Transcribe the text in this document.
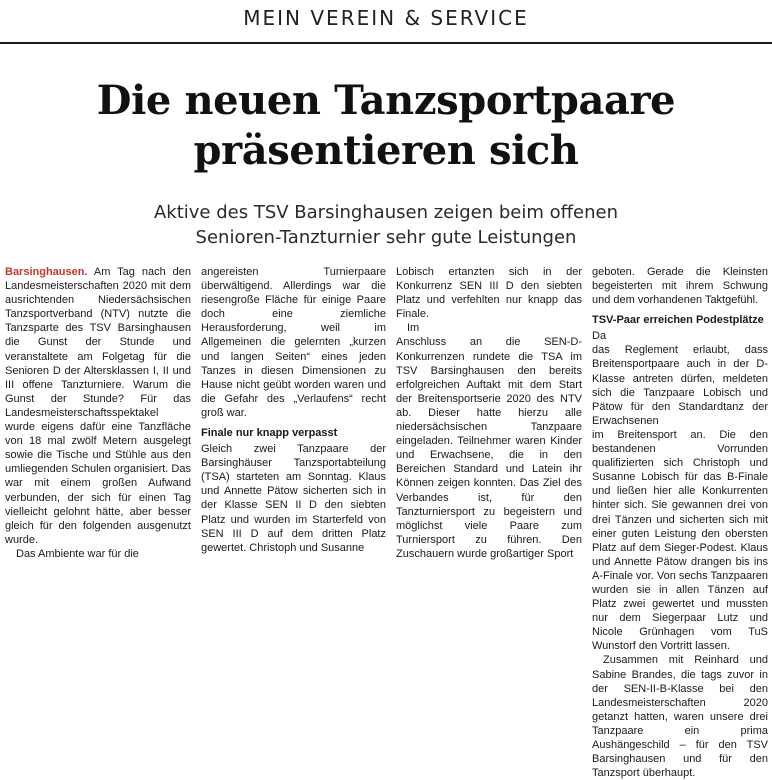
MEIN VEREIN & SERVICE
Die neuen Tanzsportpaare
präsentieren sich
Aktive des TSV Barsinghausen zeigen beim offenen
Senioren-Tanzturnier sehr gute Leistungen

Barsinghausen. Am Tag nach den Landesmeisterschaften 2020 mit dem ausrichtenden Niedersächsischen Tanzsportverband (NTV) nutzte die Tanzsparte des TSV Barsinghausen die Gunst der Stunde und veranstaltete am Folgetag für die Senioren D der Altersklassen I, II und III offene Tanzturniere. Warum die Gunst der Stunde? Für das Landesmeisterschaftsspektakel wurde eigens dafür eine Tanzfläche von 18 mal zwölf Metern ausgelegt sowie die Tische und Stühle aus den umliegenden Schulen organisiert. Das war mit einem großen Aufwand verbunden, der sich für einen Tag vielleicht gelohnt hätte, aber besser gleich für den folgenden ausgenutzt wurde.

Das Ambiente war für die

angereisten Turnierpaare überwältigend. Allerdings war die riesengroße Fläche für einige Paare doch eine ziemliche Herausforderung, weil im Allgemeinen die gelernten „kurzen und langen Seiten“ eines jeden Tanzes in diesen Dimensionen zu Hause nicht geübt worden waren und die Gefahr des „Verlaufens“ recht groß war.

Finale nur knapp verpasst

Gleich zwei Tanzpaare der Barsinghäuser Tanzsportabteilung (TSA) starteten am Sonntag. Klaus und Annette Pätow sicherten sich in der Klasse SEN II D den siebten Platz und wurden im Starterfeld von SEN III D auf dem dritten Platz gewertet. Christoph und Susanne

Lobisch ertanzten sich in der Konkurrenz SEN III D den siebten Platz und verfehlten nur knapp das Finale.

Im

Anschluss an die SEN-D-Konkurrenzen rundete die TSA im TSV Barsinghausen den bereits erfolgreichen Auftakt mit dem Start der Breitensportserie 2020 des NTV ab. Dieser hatte hierzu alle niedersächsischen Tanzpaare eingeladen. Teilnehmer waren Kinder und Erwachsene, die in den Bereichen Standard und Latein ihr Können zeigen konnten. Das Ziel des Verbandes ist, für den Tanzturniersport zu begeistern und möglichst viele Paare zum Turniersport zu führen. Den Zuschauern wurde großartiger Sport

geboten. Gerade die Kleinsten begeisterten mit ihrem Schwung und dem vorhandenen Taktgefühl.

TSV-Paar erreichen Podestplätze

Da

das Reglement erlaubt, dass Breitensportpaare auch in der D-Klasse antreten dürfen, meldeten sich die Tanzpaare Lobisch und Pätow für den Standardtanz der Erwachsenen

im Breitensport an. Die den bestandenen Vorrunden qualifizierten sich Christoph und Susanne Lobisch für das B-Finale und ließen hier alle Konkurrenten hinter sich. Sie gewannen drei von drei Tänzen und sicherten sich mit einer guten Leistung den obersten Platz auf dem Sieger-Podest. Klaus und Annette Pätow drangen bis ins A-Finale vor. Von sechs Tanzpaaren wurden sie in allen Tänzen auf Platz zwei gewertet und mussten nur dem Siegerpaar Lutz und Nicole Grünhagen vom TuS Wunstorf den Vortritt lassen.

Zusammen mit Reinhard und Sabine Brandes, die tags zuvor in der SEN-II-B-Klasse bei den Landesmeisterschaften 2020 getanzt hatten, waren unsere drei Tanzpaare ein prima Aushängeschild – für den TSV Barsinghausen und für den Tanzsport überhaupt.
